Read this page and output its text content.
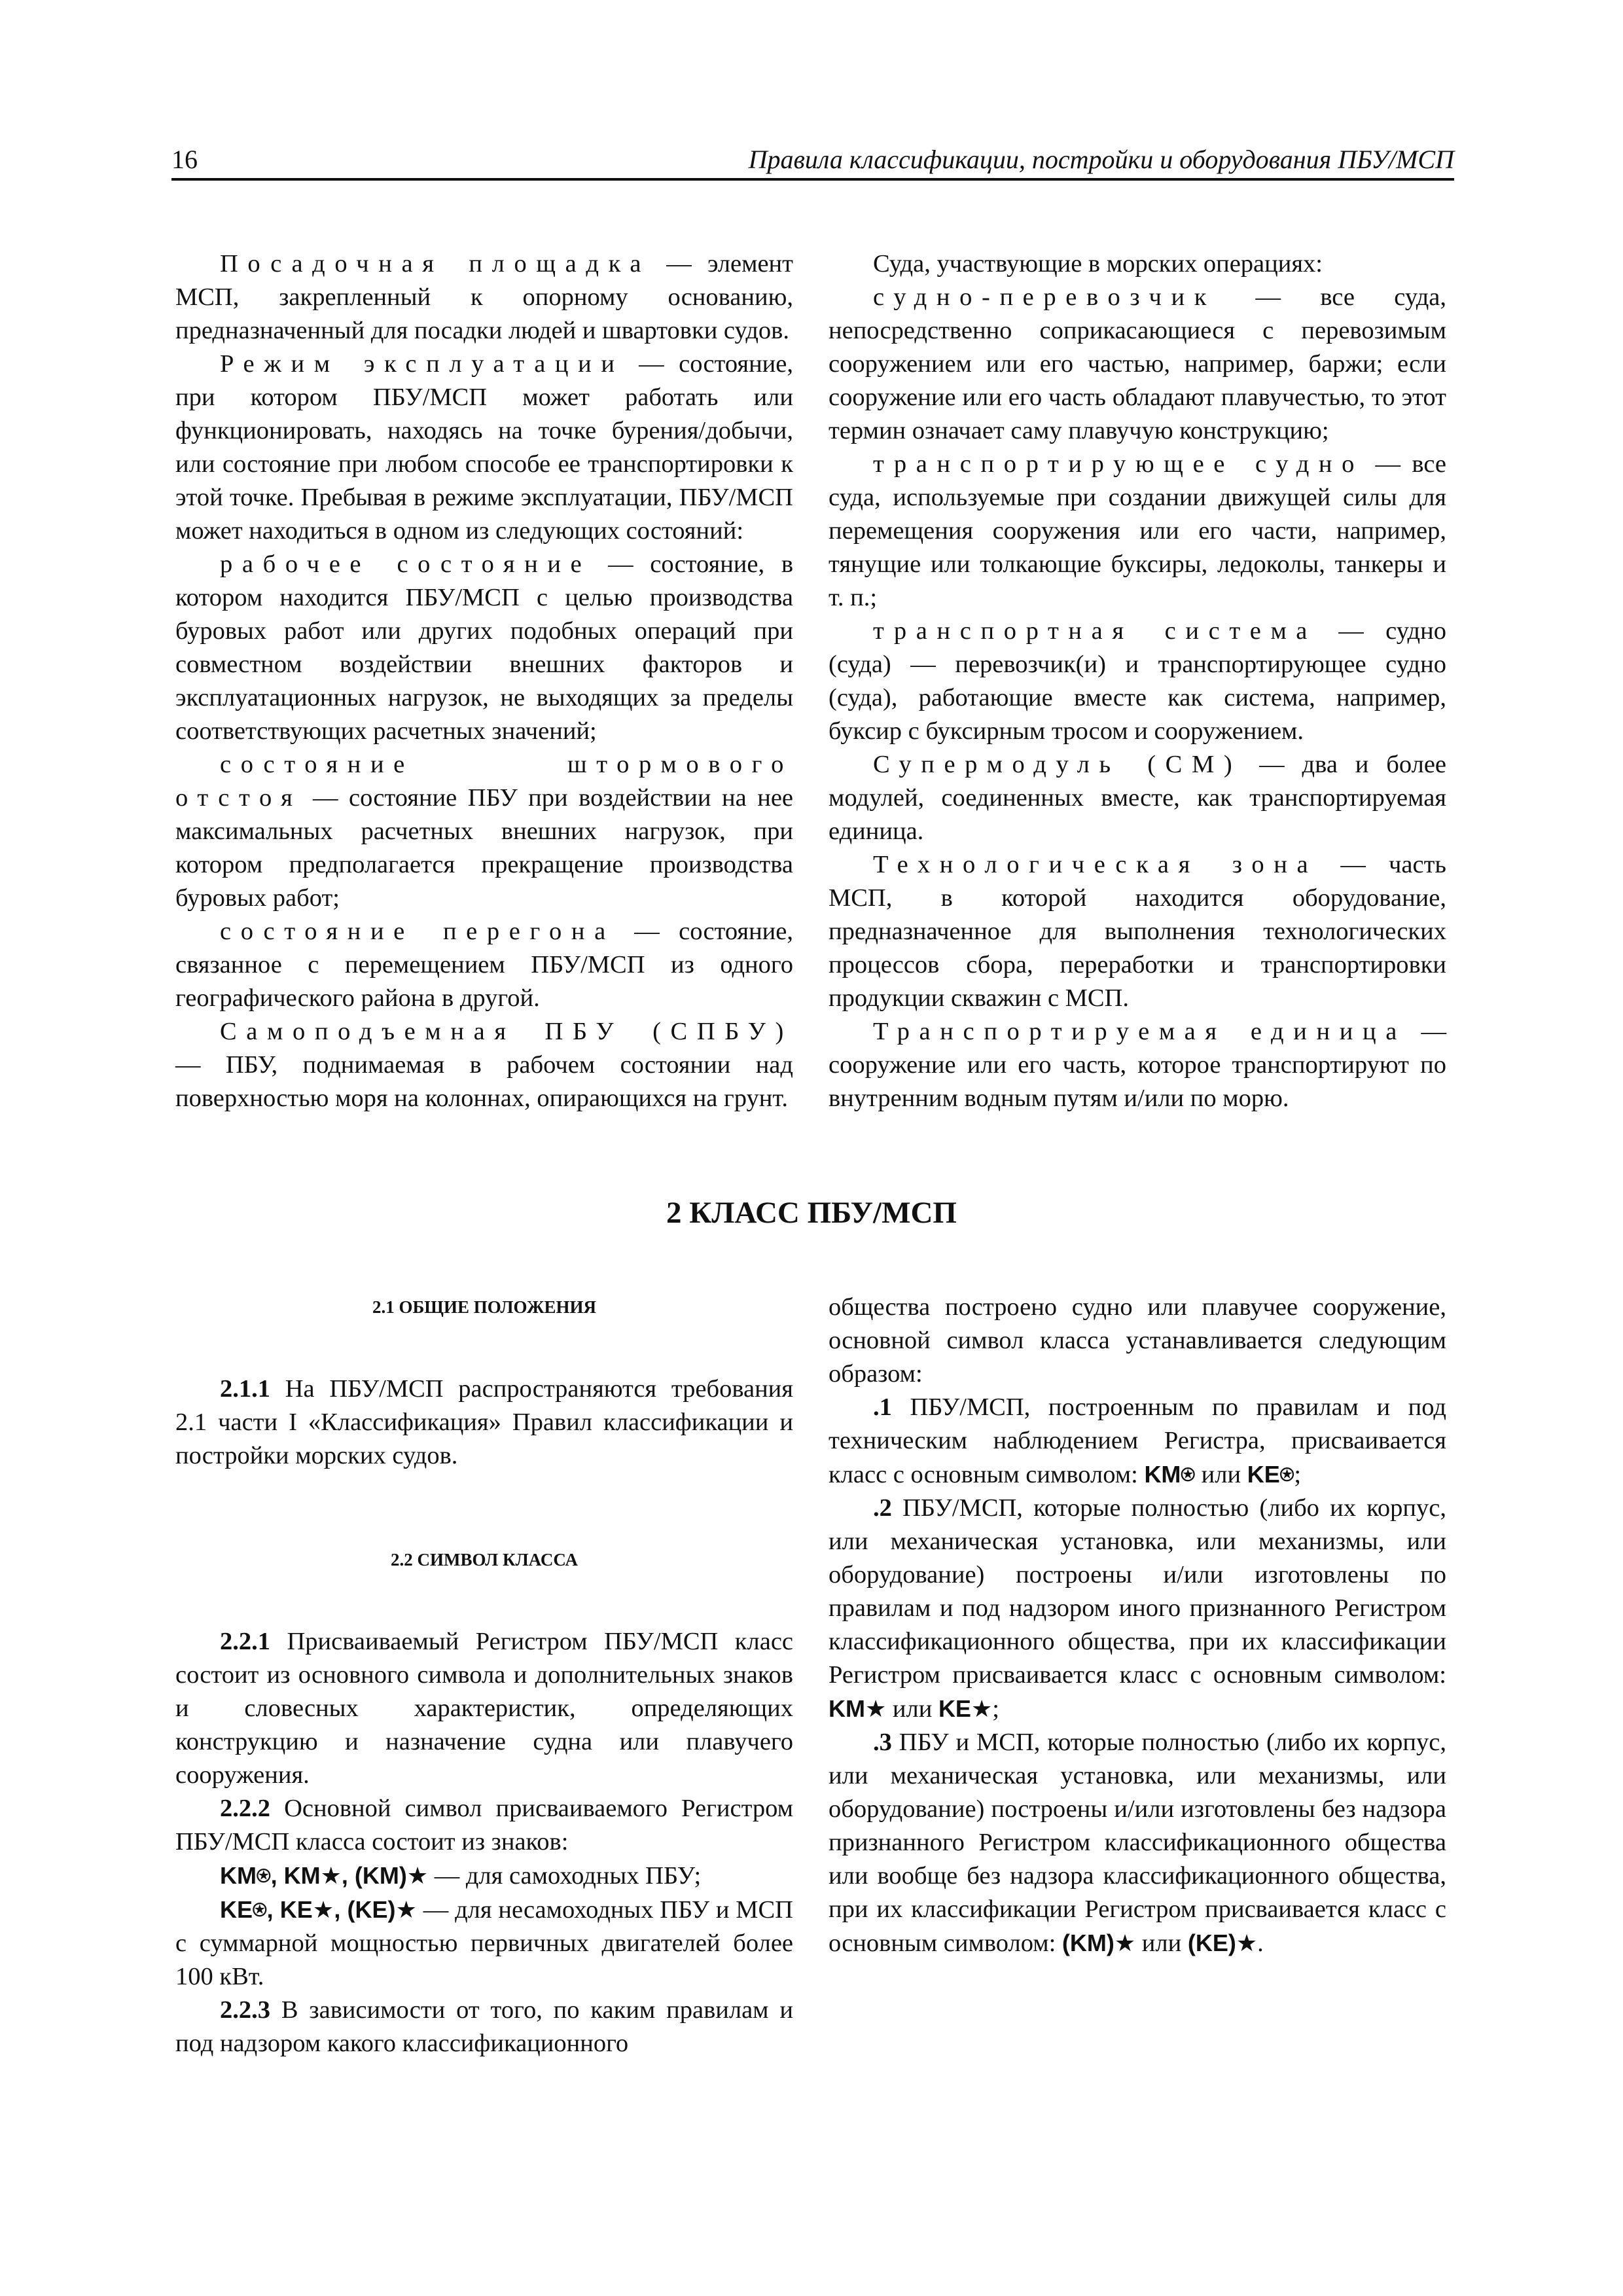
16	Правила классификации, постройки и оборудования ПБУ/МСП

Посадочная площадка — элемент МСП, закрепленный к опорному основанию, предназначенный для посадки людей и швартовки судов.

Режим эксплуатации — состояние, при котором ПБУ/МСП может работать или функционировать, находясь на точке бурения/добычи, или состояние при любом способе ее транспортировки к этой точке. Пребывая в режиме эксплуатации, ПБУ/МСП может находиться в одном из следующих состояний:

рабочее состояние — состояние, в котором находится ПБУ/МСП с целью производства буровых работ или других подобных операций при совместном воздействии внешних факторов и эксплуатационных нагрузок, не выходящих за пределы соответствующих расчетных значений;

состояние штормового отстоя — состояние ПБУ при воздействии на нее максимальных расчетных внешних нагрузок, при котором предполагается прекращение производства буровых работ;

состояние перегона — состояние, связанное с перемещением ПБУ/МСП из одного географического района в другой.

Самоподъемная ПБУ (СПБУ) — ПБУ, поднимаемая в рабочем состоянии над поверхностью моря на колоннах, опирающихся на грунт.

Суда, участвующие в морских операциях:

судно-перевозчик — все суда, непосредственно соприкасающиеся с перевозимым сооружением или его частью, например, баржи; если сооружение или его часть обладают плавучестью, то этот термин означает саму плавучую конструкцию;

транспортирующее судно — все суда, используемые при создании движущей силы для перемещения сооружения или его части, например, тянущие или толкающие буксиры, ледоколы, танкеры и т. п.;

транспортная система — судно (суда) — перевозчик(и) и транспортирующее судно (суда), работающие вместе как система, например, буксир с буксирным тросом и сооружением.

Супермодуль (СМ) — два и более модулей, соединенных вместе, как транспортируемая единица.

Технологическая зона — часть МСП, в которой находится оборудование, предназначенное для выполнения технологических процессов сбора, переработки и транспортировки продукции скважин с МСП.

Транспортируемая единица — сооружение или его часть, которое транспортируют по внутренним водным путям и/или по морю.

2 КЛАСС ПБУ/МСП

2.1 ОБЩИЕ ПОЛОЖЕНИЯ

2.1.1 На ПБУ/МСП распространяются требования 2.1 части I «Классификация» Правил классификации и постройки морских судов.

2.2 СИМВОЛ КЛАССА

2.2.1 Присваиваемый Регистром ПБУ/МСП класс состоит из основного символа и дополнительных знаков и словесных характеристик, определяющих конструкцию и назначение судна или плавучего сооружения.

2.2.2 Основной символ присваиваемого Регистром ПБУ/МСП класса состоит из знаков:

KM⍟, KM★, (KM)★ — для самоходных ПБУ;

KE⍟, KE★, (KE)★ — для несамоходных ПБУ и МСП с суммарной мощностью первичных двигателей более 100 кВт.

2.2.3 В зависимости от того, по каким правилам и под надзором какого классификационного

общества построено судно или плавучее сооружение, основной символ класса устанавливается следующим образом:

.1 ПБУ/МСП, построенным по правилам и под техническим наблюдением Регистра, присваивается класс с основным символом: KM⍟ или KE⍟;

.2 ПБУ/МСП, которые полностью (либо их корпус, или механическая установка, или механизмы, или оборудование) построены и/или изготовлены по правилам и под надзором иного признанного Регистром классификационного общества, при их классификации Регистром присваивается класс с основным символом: KM★ или KE★;

.3 ПБУ и МСП, которые полностью (либо их корпус, или механическая установка, или механизмы, или оборудование) построены и/или изготовлены без надзора признанного Регистром классификационного общества или вообще без надзора классификационного общества, при их классификации Регистром присваивается класс с основным символом: (KM)★ или (KE)★.
